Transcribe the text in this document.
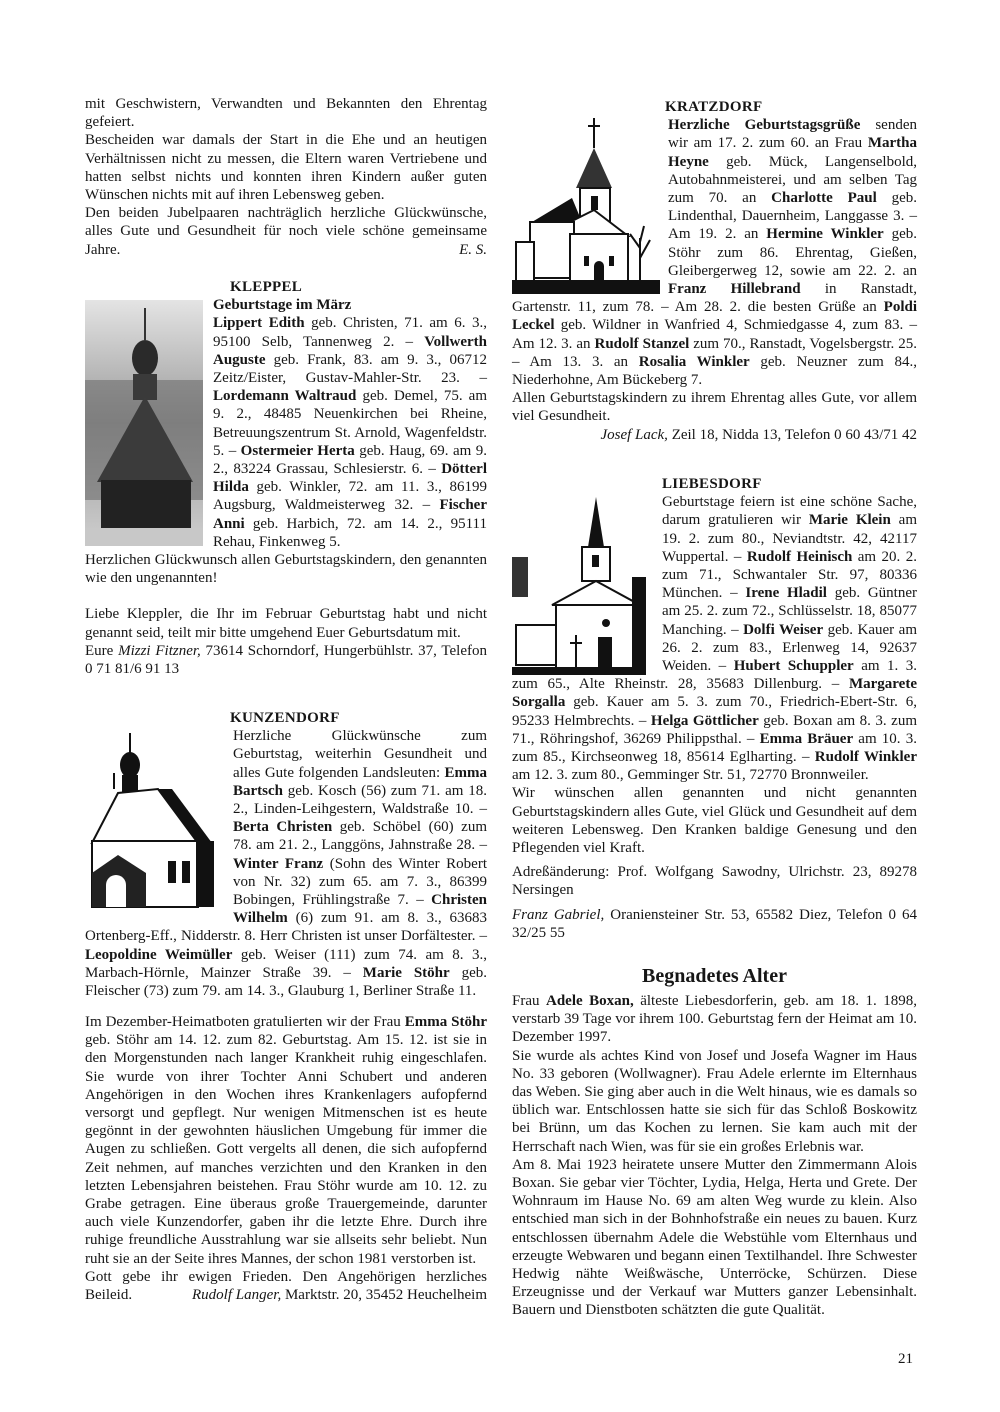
mit Geschwistern, Verwandten und Bekannten den Ehrentag gefeiert.

Bescheiden war damals der Start in die Ehe und an heutigen Verhältnissen nicht zu messen, die Eltern waren Vertriebene und hatten selbst nichts und konnten ihren Kindern außer guten Wünschen nichts mit auf ihren Lebensweg geben.

Den beiden Jubelpaaren nachträglich herzliche Glückwünsche, alles Gute und Gesundheit für noch viele schöne gemeinsame Jahre.	E. S.

KLEPPEL
Geburtstage im März

Lippert Edith geb. Christen, 71. am 6. 3., 95100 Selb, Tannenweg 2. – Vollwerth Auguste geb. Frank, 83. am 9. 3., 06712 Zeitz/Eister, Gustav-Mahler-Str. 23. – Lordemann Waltraud geb. Demel, 75. am 9. 2., 48485 Neuenkirchen bei Rheine, Betreuungszentrum St. Arnold, Wagenfeldstr. 5. – Ostermeier Herta geb. Haug, 69. am 9. 2., 83224 Grassau, Schlesierstr. 6. – Dötterl Hilda geb. Winkler, 72. am 11. 3., 86199 Augsburg, Waldmeisterweg 32. – Fischer Anni geb. Harbich, 72. am 14. 2., 95111 Rehau, Finkenweg 5.

Herzlichen Glückwunsch allen Geburtstagskindern, den genannten wie den ungenannten!

Liebe Kleppler, die Ihr im Februar Geburtstag habt und nicht genannt seid, teilt mir bitte umgehend Euer Geburtsdatum mit.

Eure Mizzi Fitzner, 73614 Schorndorf, Hungerbühlstr. 37, Telefon 0 71 81/6 91 13

KUNZENDORF

Herzliche Glückwünsche zum Geburtstag, weiterhin Gesundheit und alles Gute folgenden Landsleuten: Emma Bartsch geb. Kosch (56) zum 71. am 18. 2., Linden-Leihgestern, Waldstraße 10. – Berta Christen geb. Schöbel (60) zum 78. am 21. 2., Langgöns, Jahnstraße 28. – Winter Franz (Sohn des Winter Robert von Nr. 32) zum 65. am 7. 3., 86399 Bobingen, Frühlingstraße 7. – Christen Wilhelm (6) zum 91. am 8. 3., 63683 Ortenberg-Eff., Nidderstr. 8. Herr Christen ist unser Dorfältester. – Leopoldine Weimüller geb. Weiser (111) zum 74. am 8. 3., Marbach-Hörnle, Mainzer Straße 39. – Marie Stöhr geb. Fleischer (73) zum 79. am 14. 3., Glauburg 1, Berliner Straße 11.

Im Dezember-Heimatboten gratulierten wir der Frau Emma Stöhr geb. Stöhr am 14. 12. zum 82. Geburtstag. Am 15. 12. ist sie in den Morgenstunden nach langer Krankheit ruhig eingeschlafen. Sie wurde von ihrer Tochter Anni Schubert und anderen Angehörigen in den Wochen ihres Krankenlagers aufopfernd versorgt und gepflegt. Nur wenigen Mitmenschen ist es heute gegönnt in der gewohnten häuslichen Umgebung für immer die Augen zu schließen. Gott vergelts all denen, die sich aufopfernd Zeit nehmen, auf manches verzichten und den Kranken in den letzten Lebensjahren beistehen. Frau Stöhr wurde am 10. 12. zu Grabe getragen. Eine überaus große Trauergemeinde, darunter auch viele Kunzendorfer, gaben ihr die letzte Ehre. Durch ihre ruhige freundliche Ausstrahlung war sie allseits sehr beliebt. Nun ruht sie an der Seite ihres Mannes, der schon 1981 verstorben ist.

Gott gebe ihr ewigen Frieden. Den Angehörigen herzliches Beileid.	Rudolf Langer, Marktstr. 20, 35452 Heuchelheim

KRATZDORF

Herzliche Geburtstagsgrüße senden wir am 17. 2. zum 60. an Frau Martha Heyne geb. Mück, Langenselbold, Autobahnmeisterei, und am selben Tag zum 70. an Charlotte Paul geb. Lindenthal, Dauernheim, Langgasse 3. – Am 19. 2. an Hermine Winkler geb. Stöhr zum 86. Ehrentag, Gießen, Gleibergerweg 12, sowie am 22. 2. an Franz Hillebrand in Ranstadt, Gartenstr. 11, zum 78. – Am 28. 2. die besten Grüße an Poldi Leckel geb. Wildner in Wanfried 4, Schmiedgasse 4, zum 83. – Am 12. 3. an Rudolf Stanzel zum 70., Ranstadt, Vogelsbergstr. 25. – Am 13. 3. an Rosalia Winkler geb. Neuzner zum 84., Niederhohne, Am Bückeberg 7.

Allen Geburtstagskindern zu ihrem Ehrentag alles Gute, vor allem viel Gesundheit.

Josef Lack, Zeil 18, Nidda 13, Telefon 0 60 43/71 42

LIEBESDORF

Geburtstage feiern ist eine schöne Sache, darum gratulieren wir Marie Klein am 19. 2. zum 80., Neviandtstr. 42, 42117 Wuppertal. – Rudolf Heinisch am 20. 2. zum 71., Schwantaler Str. 97, 80336 München. – Irene Hladil geb. Güntner am 25. 2. zum 72., Schlüsselstr. 18, 85077 Manching. – Dolfi Weiser geb. Kauer am 26. 2. zum 83., Erlenweg 14, 92637 Weiden. – Hubert Schuppler am 1. 3. zum 65., Alte Rheinstr. 28, 35683 Dillenburg. – Margarete Sorgalla geb. Kauer am 5. 3. zum 70., Friedrich-Ebert-Str. 6, 95233 Helmbrechts. – Helga Göttlicher geb. Boxan am 8. 3. zum 71., Röhringshof, 36269 Philippsthal. – Emma Bräuer am 10. 3. zum 85., Kirchseonweg 18, 85614 Eglharting. – Rudolf Winkler am 12. 3. zum 80., Gemminger Str. 51, 72770 Bronnweiler.

Wir wünschen allen genannten und nicht genannten Geburtstagskindern alles Gute, viel Glück und Gesundheit auf dem weiteren Lebensweg. Den Kranken baldige Genesung und den Pflegenden viel Kraft.

Adreßänderung: Prof. Wolfgang Sawodny, Ulrichstr. 23, 89278 Nersingen

Franz Gabriel, Oraniensteiner Str. 53, 65582 Diez, Telefon 0 64 32/25 55

Begnadetes Alter

Frau Adele Boxan, älteste Liebesdorferin, geb. am 18. 1. 1898, verstarb 39 Tage vor ihrem 100. Geburtstag fern der Heimat am 10. Dezember 1997.

Sie wurde als achtes Kind von Josef und Josefa Wagner im Haus No. 33 geboren (Wollwagner). Frau Adele erlernte im Elternhaus das Weben. Sie ging aber auch in die Welt hinaus, wie es damals so üblich war. Entschlossen hatte sie sich für das Schloß Boskowitz bei Brünn, um das Kochen zu lernen. Sie kam auch mit der Herrschaft nach Wien, was für sie ein großes Erlebnis war.

Am 8. Mai 1923 heiratete unsere Mutter den Zimmermann Alois Boxan. Sie gebar vier Töchter, Lydia, Helga, Herta und Grete. Der Wohnraum im Hause No. 69 am alten Weg wurde zu klein. Also entschied man sich in der Bohnhofstraße ein neues zu bauen. Kurz entschlossen übernahm Adele die Webstühle vom Elternhaus und erzeugte Webwaren und begann einen Textilhandel. Ihre Schwester Hedwig nähte Weißwäsche, Unterröcke, Schürzen. Diese Erzeugnisse und der Verkauf war Mutters ganzer Lebensinhalt. Bauern und Dienstboten schätzten die gute Qualität.

21
